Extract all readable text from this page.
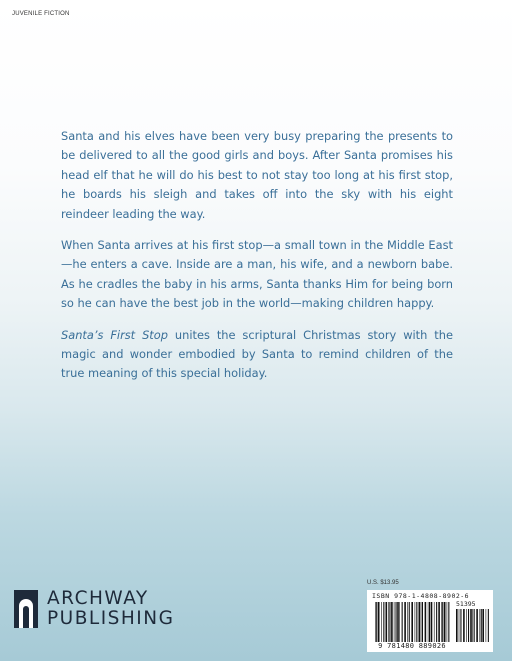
JUVENILE FICTION

Santa and his elves have been very busy preparing the presents to be delivered to all the good girls and boys. After Santa promises his head elf that he will do his best to not stay too long at his first stop, he boards his sleigh and takes off into the sky with his eight reindeer leading the way.

When Santa arrives at his first stop—a small town in the Middle East—he enters a cave. Inside are a man, his wife, and a newborn babe. As he cradles the baby in his arms, Santa thanks Him for being born so he can have the best job in the world—making children happy.

Santa’s First Stop unites the scriptural Christmas story with the magic and wonder embodied by Santa to remind children of the true meaning of this special holiday.

ARCHWAY
PUBLISHING
U.S. $13.95
ISBN 978-1-4808-8902-6
51395
9 781480 889026
